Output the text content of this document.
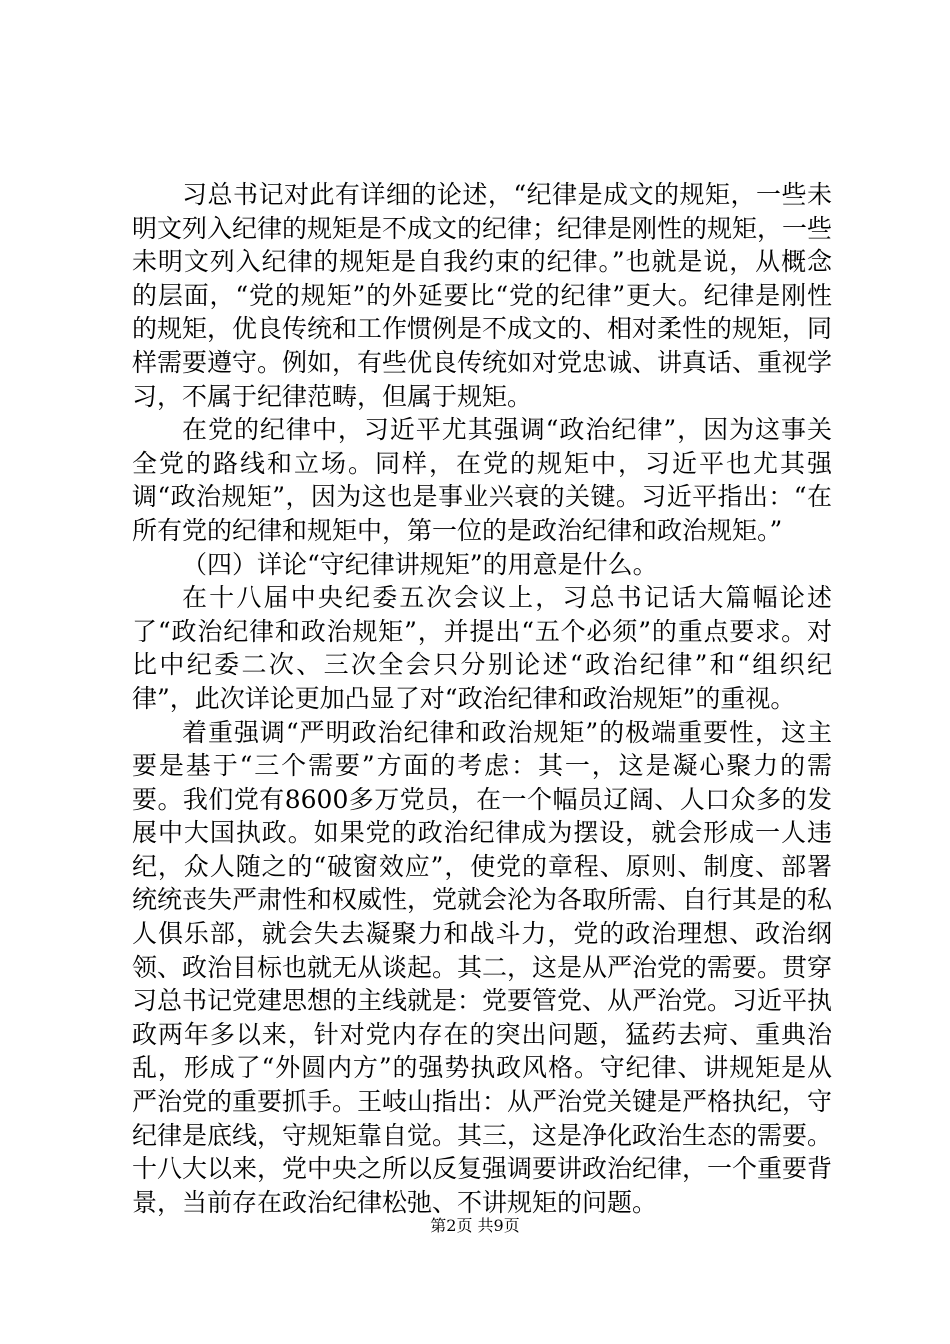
习总书记对此有详细的论述，“纪律是成文的规矩，一些未明文列入纪律的规矩是不成文的纪律；纪律是刚性的规矩，一些未明文列入纪律的规矩是自我约束的纪律。”也就是说，从概念的层面，“党的规矩”的外延要比“党的纪律”更大。纪律是刚性的规矩，优良传统和工作惯例是不成文的、相对柔性的规矩，同样需要遵守。例如，有些优良传统如对党忠诚、讲真话、重视学习，不属于纪律范畴，但属于规矩。

在党的纪律中，习近平尤其强调“政治纪律”，因为这事关全党的路线和立场。同样，在党的规矩中，习近平也尤其强调“政治规矩”，因为这也是事业兴衰的关键。习近平指出：“在所有党的纪律和规矩中，第一位的是政治纪律和政治规矩。”

（四）详论“守纪律讲规矩”的用意是什么。

在十八届中央纪委五次会议上，习总书记话大篇幅论述了“政治纪律和政治规矩”，并提出“五个必须”的重点要求。对比中纪委二次、三次全会只分别论述“政治纪律”和“组织纪律”，此次详论更加凸显了对“政治纪律和政治规矩”的重视。

着重强调“严明政治纪律和政治规矩”的极端重要性，这主要是基于“三个需要”方面的考虑：其一，这是凝心聚力的需要。我们党有8600多万党员，在一个幅员辽阔、人口众多的发展中大国执政。如果党的政治纪律成为摆设，就会形成一人违纪，众人随之的“破窗效应”，使党的章程、原则、制度、部署统统丧失严肃性和权威性，党就会沦为各取所需、自行其是的私人俱乐部，就会失去凝聚力和战斗力，党的政治理想、政治纲领、政治目标也就无从谈起。其二，这是从严治党的需要。贯穿习总书记党建思想的主线就是：党要管党、从严治党。习近平执政两年多以来，针对党内存在的突出问题，猛药去疴、重典治乱，形成了“外圆内方”的强势执政风格。守纪律、讲规矩是从严治党的重要抓手。王岐山指出：从严治党关键是严格执纪，守纪律是底线，守规矩靠自觉。其三，这是净化政治生态的需要。十八大以来，党中央之所以反复强调要讲政治纪律，一个重要背景，当前存在政治纪律松弛、不讲规矩的问题。

第2页 共9页
